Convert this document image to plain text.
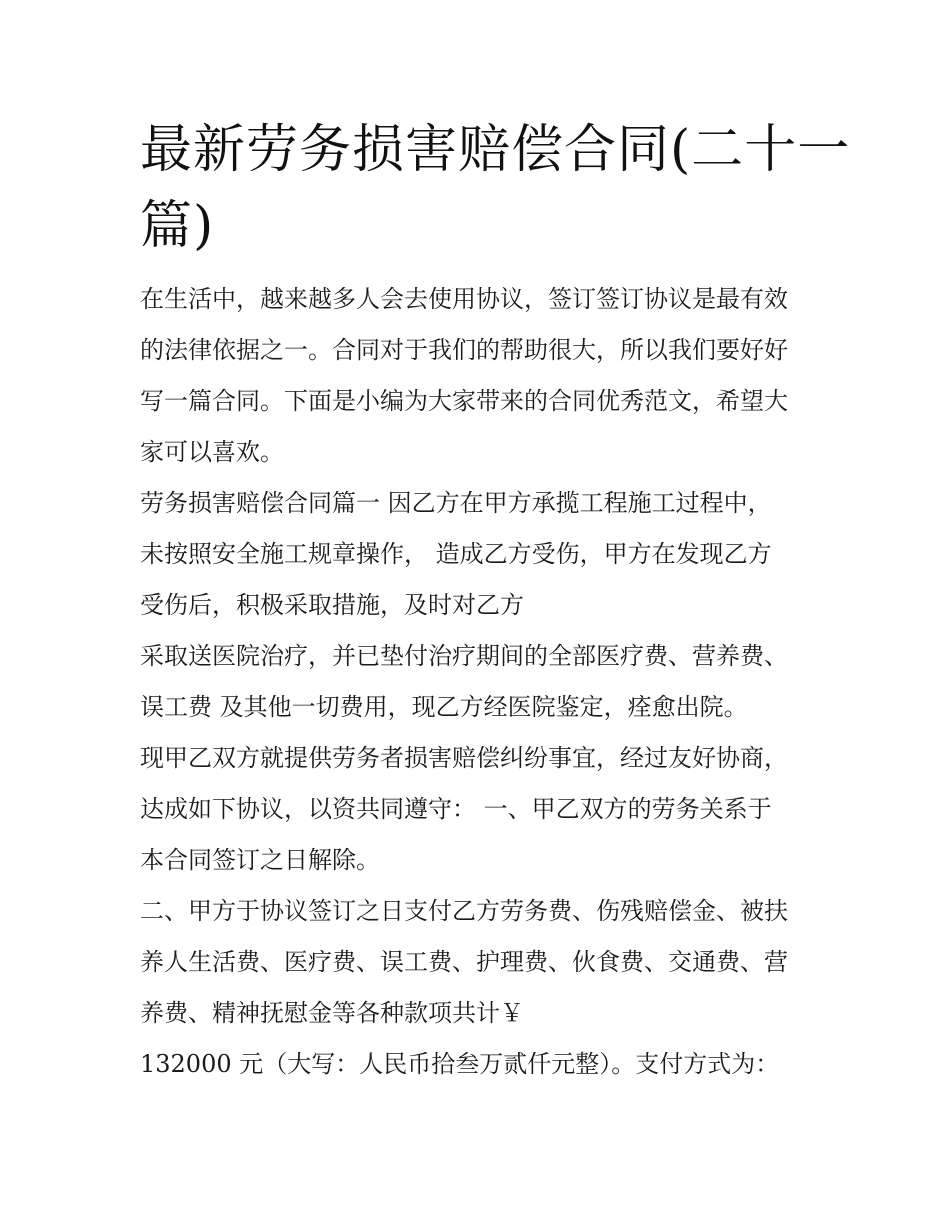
最新劳务损害赔偿合同(二十一
篇)
在生活中，越来越多人会去使用协议，签订签订协议是最有效
的法律依据之一。合同对于我们的帮助很大，所以我们要好好
写一篇合同。下面是小编为大家带来的合同优秀范文，希望大
家可以喜欢。
劳务损害赔偿合同篇一 因乙方在甲方承揽工程施工过程中，
未按照安全施工规章操作， 造成乙方受伤，甲方在发现乙方
受伤后，积极采取措施，及时对乙方
采取送医院治疗，并已垫付治疗期间的全部医疗费、营养费、
误工费 及其他一切费用，现乙方经医院鉴定，痊愈出院。
现甲乙双方就提供劳务者损害赔偿纠纷事宜，经过友好协商，
达成如下协议，以资共同遵守： 一、甲乙双方的劳务关系于
本合同签订之日解除。
二、甲方于协议签订之日支付乙方劳务费、伤残赔偿金、被扶
养人生活费、医疗费、误工费、护理费、伙食费、交通费、营
养费、精神抚慰金等各种款项共计￥
132000 元（大写：人民币拾叁万贰仟元整）。支付方式为：
